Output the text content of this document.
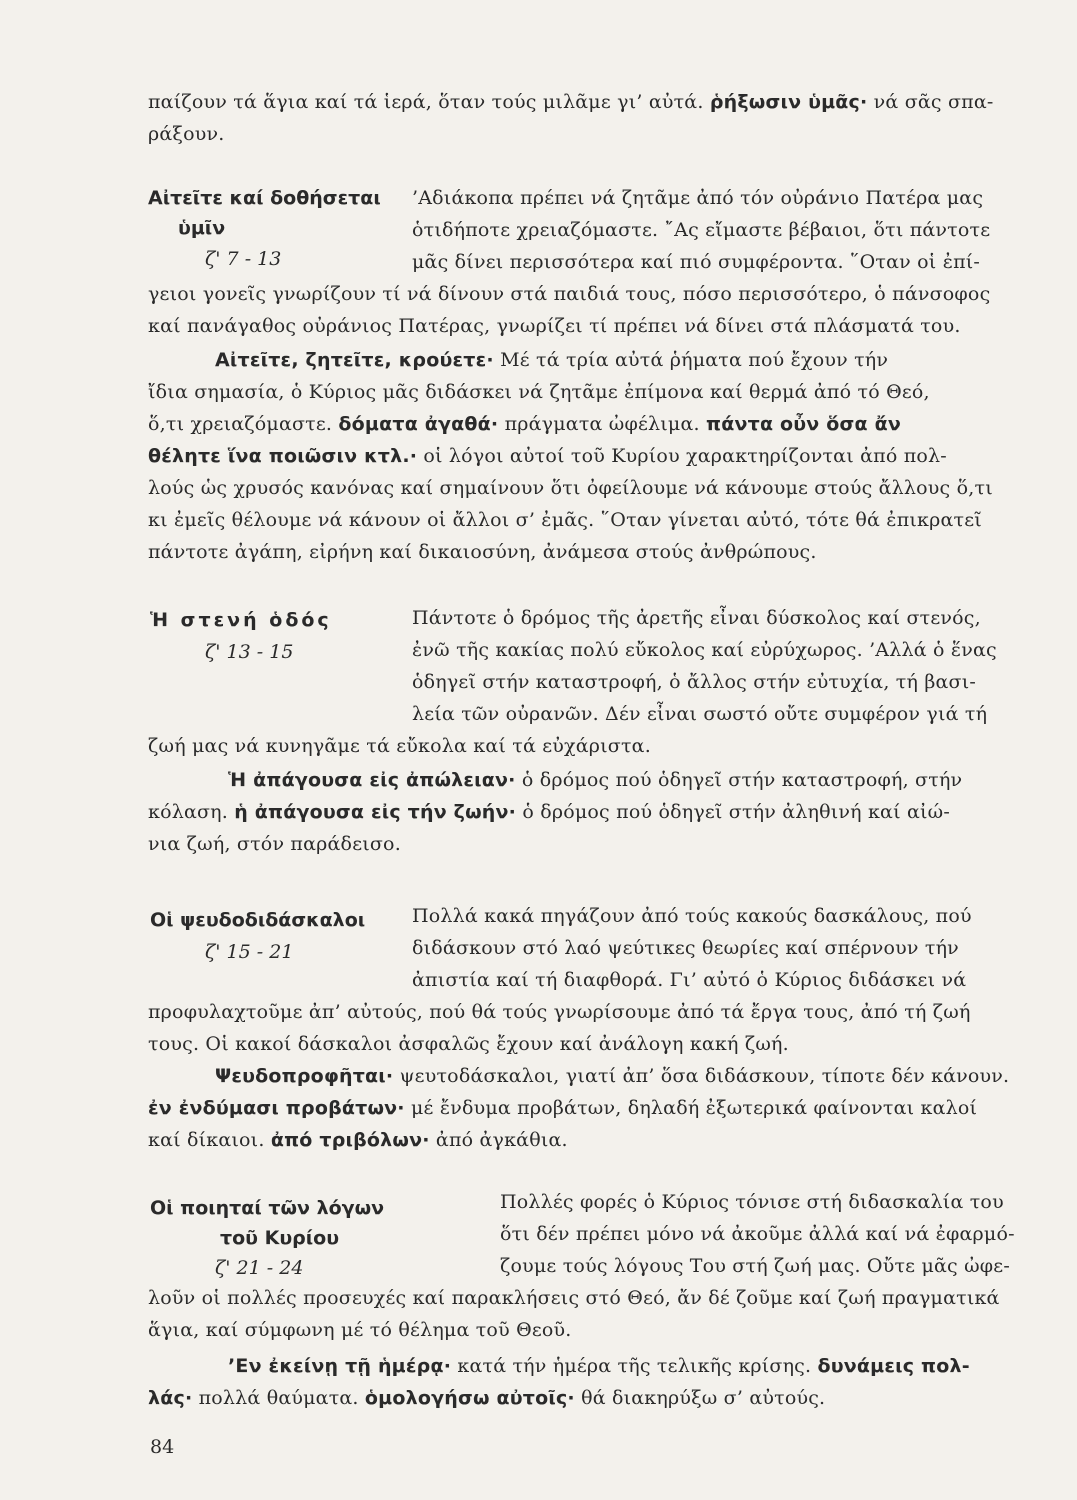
παίζουν τά ἅγια καί τά ἱερά, ὅταν τούς μιλᾶμε γι’ αὐτά. ῥήξωσιν ὑμᾶς· νά σᾶς σπα-
ράξουν.
Αἰτεῖτε καί δοθήσεται
ὑμῖν
ζ' 7 - 13
’Αδιάκοπα πρέπει νά ζητᾶμε ἀπό τόν οὐράνιο Πατέρα μας
ὁτιδήποτε χρειαζόμαστε. ῎Ας εἴμαστε βέβαιοι, ὅτι πάντοτε
μᾶς δίνει περισσότερα καί πιό συμφέροντα. ῞Οταν οἱ ἐπί-
γειοι γονεῖς γνωρίζουν τί νά δίνουν στά παιδιά τους, πόσο περισσότερο, ὁ πάνσοφος
καί πανάγαθος οὐράνιος Πατέρας, γνωρίζει τί πρέπει νά δίνει στά πλάσματά του.
Αἰτεῖτε, ζητεῖτε, κρούετε· Μέ τά τρία αὐτά ῥήματα πού ἔχουν τήν
ἴδια σημασία, ὁ Κύριος μᾶς διδάσκει νά ζητᾶμε ἐπίμονα καί θερμά ἀπό τό Θεό,
ὅ,τι χρειαζόμαστε. δόματα ἀγαθά· πράγματα ὠφέλιμα. πάντα οὖν ὅσα ἄν
θέλητε ἵνα ποιῶσιν κτλ.· οἱ λόγοι αὐτοί τοῦ Κυρίου χαρακτηρίζονται ἀπό πολ-
λούς ὡς χρυσός κανόνας καί σημαίνουν ὅτι ὀφείλουμε νά κάνουμε στούς ἄλλους ὅ,τι
κι ἐμεῖς θέλουμε νά κάνουν οἱ ἄλλοι σ’ ἐμᾶς. ῞Οταν γίνεται αὐτό, τότε θά ἐπικρατεῖ
πάντοτε ἀγάπη, εἰρήνη καί δικαιοσύνη, ἀνάμεσα στούς ἀνθρώπους.
Ἡ στενή ὁδός
ζ' 13 - 15
Πάντοτε ὁ δρόμος τῆς ἀρετῆς εἶναι δύσκολος καί στενός,
ἐνῶ τῆς κακίας πολύ εὔκολος καί εὐρύχωρος. ’Αλλά ὁ ἕνας
ὁδηγεῖ στήν καταστροφή, ὁ ἄλλος στήν εὐτυχία, τή βασι-
λεία τῶν οὐρανῶν. Δέν εἶναι σωστό οὔτε συμφέρον γιά τή
ζωή μας νά κυνηγᾶμε τά εὔκολα καί τά εὐχάριστα.
Ἡ ἀπάγουσα εἰς ἀπώλειαν· ὁ δρόμος πού ὁδηγεῖ στήν καταστροφή, στήν
κόλαση. ἡ ἀπάγουσα εἰς τήν ζωήν· ὁ δρόμος πού ὁδηγεῖ στήν ἀληθινή καί αἰώ-
νια ζωή, στόν παράδεισο.
Οἱ ψευδοδιδάσκαλοι
ζ' 15 - 21
Πολλά κακά πηγάζουν ἀπό τούς κακούς δασκάλους, πού
διδάσκουν στό λαό ψεύτικες θεωρίες καί σπέρνουν τήν
ἀπιστία καί τή διαφθορά. Γι’ αὐτό ὁ Κύριος διδάσκει νά
προφυλαχτοῦμε ἀπ’ αὐτούς, πού θά τούς γνωρίσουμε ἀπό τά ἔργα τους, ἀπό τή ζωή
τους. Οἱ κακοί δάσκαλοι ἀσφαλῶς ἔχουν καί ἀνάλογη κακή ζωή.
Ψευδοπροφῆται· ψευτοδάσκαλοι, γιατί ἀπ’ ὅσα διδάσκουν, τίποτε δέν κάνουν.
ἐν ἐνδύμασι προβάτων· μέ ἔνδυμα προβάτων, δηλαδή ἐξωτερικά φαίνονται καλοί
καί δίκαιοι. ἀπό τριβόλων· ἀπό ἀγκάθια.
Οἱ ποιηταί τῶν λόγων
τοῦ Κυρίου
ζ' 21 - 24
Πολλές φορές ὁ Κύριος τόνισε στή διδασκαλία του
ὅτι δέν πρέπει μόνο νά ἀκοῦμε ἀλλά καί νά ἐφαρμό-
ζουμε τούς λόγους Του στή ζωή μας. Οὔτε μᾶς ὠφε-
λοῦν οἱ πολλές προσευχές καί παρακλήσεις στό Θεό, ἄν δέ ζοῦμε καί ζωή πραγματικά
ἅγια, καί σύμφωνη μέ τό θέλημα τοῦ Θεοῦ.
’Εν ἐκείνῃ τῇ ἡμέρᾳ· κατά τήν ἡμέρα τῆς τελικῆς κρίσης. δυνάμεις πολ-
λάς· πολλά θαύματα. ὁμολογήσω αὐτοῖς· θά διακηρύξω σ’ αὐτούς.
84
